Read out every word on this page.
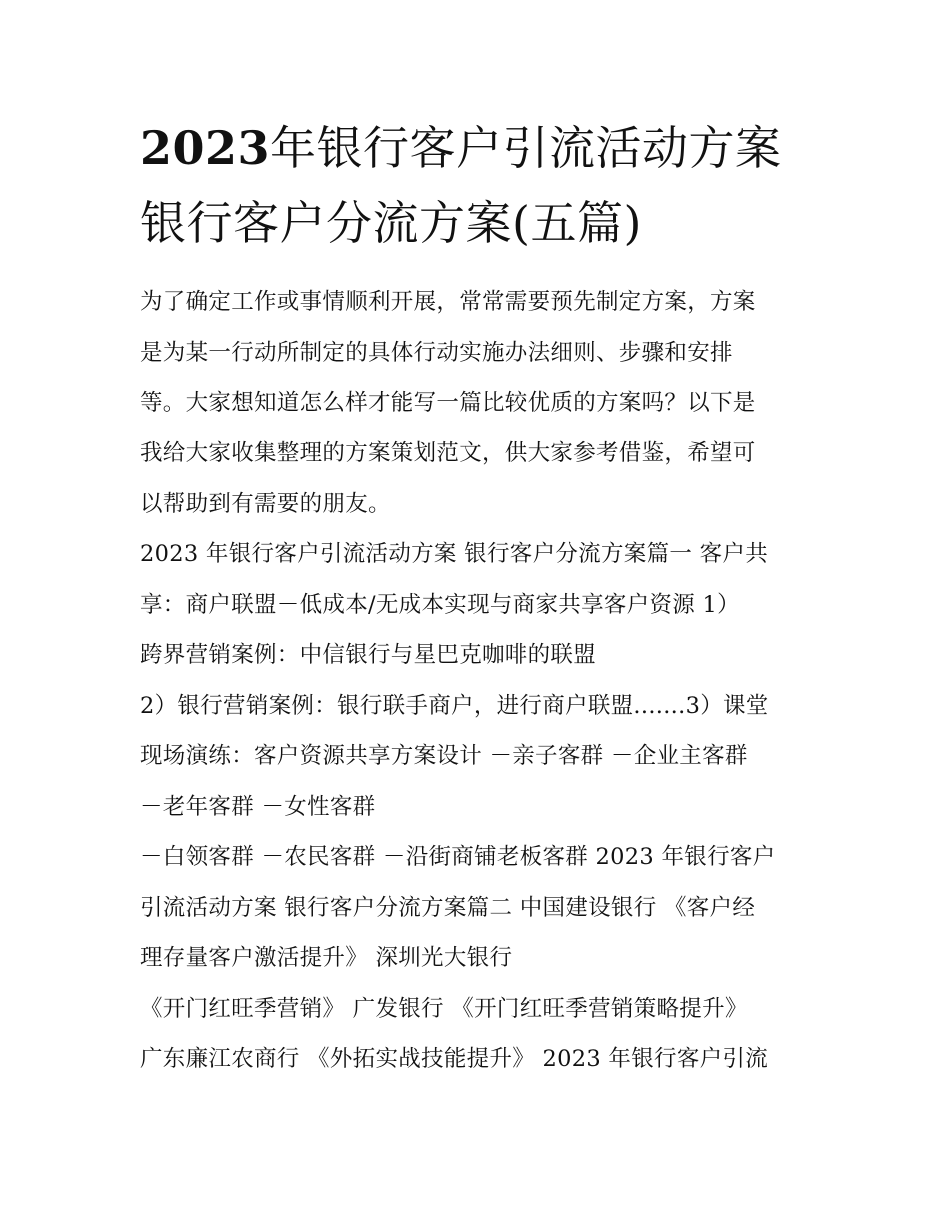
2023年银行客户引流活动方案
银行客户分流方案(五篇)

为了确定工作或事情顺利开展，常常需要预先制定方案，方案

是为某一行动所制定的具体行动实施办法细则、步骤和安排

等。大家想知道怎么样才能写一篇比较优质的方案吗？以下是

我给大家收集整理的方案策划范文，供大家参考借鉴，希望可

以帮助到有需要的朋友。

2023 年银行客户引流活动方案 银行客户分流方案篇一 客户共

享：商户联盟－低成本/无成本实现与商家共享客户资源 1）

跨界营销案例：中信银行与星巴克咖啡的联盟

2）银行营销案例：银行联手商户，进行商户联盟.......3）课堂

现场演练：客户资源共享方案设计 －亲子客群 －企业主客群

－老年客群 －女性客群

－白领客群 －农民客群 －沿街商铺老板客群 2023 年银行客户

引流活动方案 银行客户分流方案篇二 中国建设银行 《客户经

理存量客户激活提升》 深圳光大银行

《开门红旺季营销》 广发银行 《开门红旺季营销策略提升》

广东廉江农商行 《外拓实战技能提升》 2023 年银行客户引流
